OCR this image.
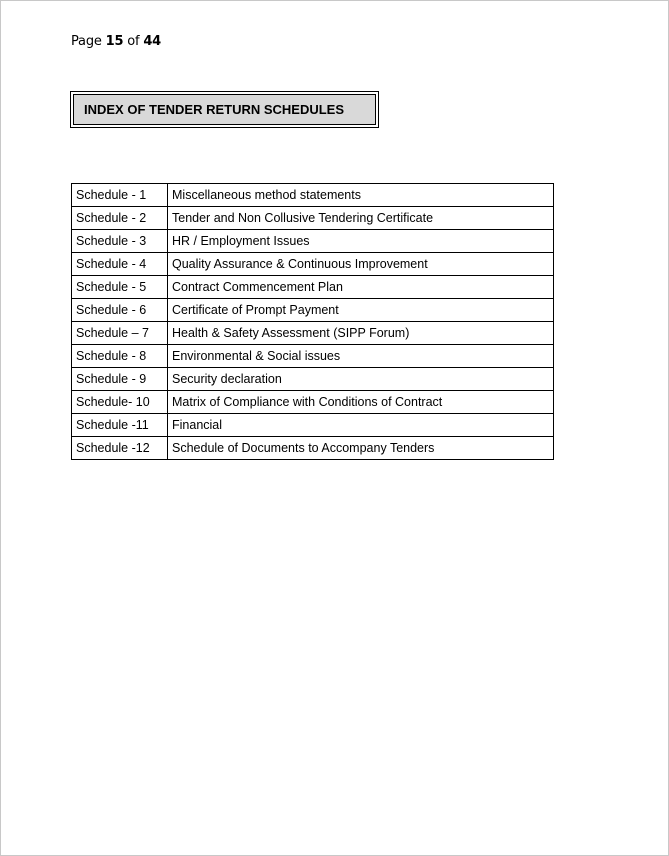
Page 15 of 44
INDEX OF TENDER RETURN SCHEDULES
Schedule - 1	Miscellaneous method statements
Schedule - 2	Tender and Non Collusive Tendering Certificate
Schedule - 3	HR / Employment Issues
Schedule - 4	Quality Assurance & Continuous Improvement
Schedule - 5	Contract Commencement Plan
Schedule - 6	Certificate of Prompt Payment
Schedule – 7	Health & Safety Assessment (SIPP Forum)
Schedule - 8	Environmental & Social issues
Schedule - 9	Security declaration
Schedule- 10	Matrix of Compliance with Conditions of Contract
Schedule -11	Financial
Schedule -12	Schedule of Documents to Accompany Tenders
